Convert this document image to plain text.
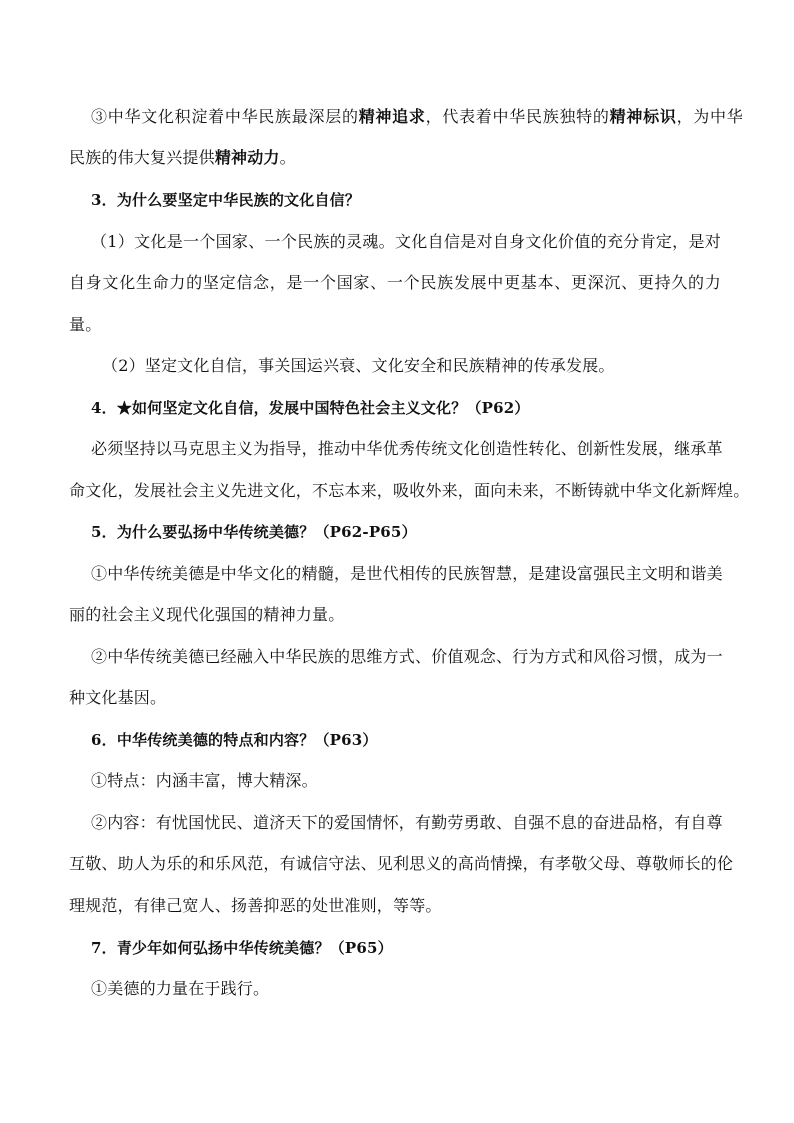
③中华文化积淀着中华民族最深层的精神追求，代表着中华民族独特的精神标识，为中华
民族的伟大复兴提供精神动力。
3．为什么要坚定中华民族的文化自信？
（1）文化是一个国家、一个民族的灵魂。文化自信是对自身文化价值的充分肯定，是对
自身文化生命力的坚定信念，是一个国家、一个民族发展中更基本、更深沉、更持久的力
量。
（2）坚定文化自信，事关国运兴衰、文化安全和民族精神的传承发展。
4．★如何坚定文化自信，发展中国特色社会主义文化？（P62）
必须坚持以马克思主义为指导，推动中华优秀传统文化创造性转化、创新性发展，继承革
命文化，发展社会主义先进文化，不忘本来，吸收外来，面向未来，不断铸就中华文化新辉煌。
5．为什么要弘扬中华传统美德？（P62-P65）
①中华传统美德是中华文化的精髓，是世代相传的民族智慧，是建设富强民主文明和谐美
丽的社会主义现代化强国的精神力量。
②中华传统美德已经融入中华民族的思维方式、价值观念、行为方式和风俗习惯，成为一
种文化基因。
6．中华传统美德的特点和内容？（P63）
①特点：内涵丰富，博大精深。
②内容：有忧国忧民、道济天下的爱国情怀，有勤劳勇敢、自强不息的奋进品格，有自尊
互敬、助人为乐的和乐风范，有诚信守法、见利思义的高尚情操，有孝敬父母、尊敬师长的伦
理规范，有律己宽人、扬善抑恶的处世准则，等等。
7．青少年如何弘扬中华传统美德？（P65）
①美德的力量在于践行。
